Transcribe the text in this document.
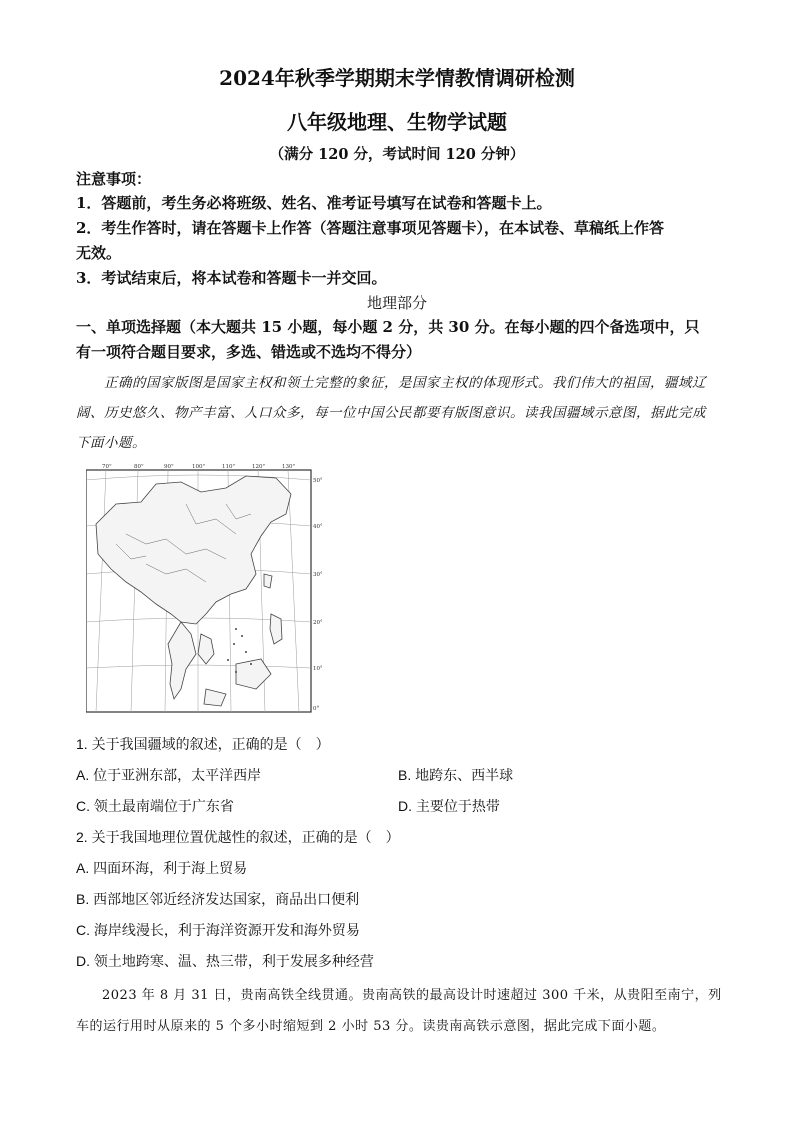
2024年秋季学期期末学情教情调研检测
八年级地理、生物学试题
（满分 120 分，考试时间 120 分钟）
注意事项：
1．答题前，考生务必将班级、姓名、准考证号填写在试卷和答题卡上。
2．考生作答时，请在答题卡上作答（答题注意事项见答题卡），在本试卷、草稿纸上作答
无效。
3．考试结束后，将本试卷和答题卡一并交回。
地理部分
一、单项选择题（本大题共 15 小题，每小题 2 分，共 30 分。在每小题的四个备选项中，只
有一项符合题目要求，多选、错选或不选均不得分）
正确的国家版图是国家主权和领土完整的象征，是国家主权的体现形式。我们伟大的祖国，疆域辽
阔、历史悠久、物产丰富、人口众多，每一位中国公民都要有版图意识。读我国疆域示意图，据此完成
下面小题。
70°	80°	90°	100°	110°	120°	130°
50°
40°
30°
20°
10°
0°
1. 关于我国疆域的叙述，正确的是（　）
A. 位于亚洲东部，太平洋西岸	B. 地跨东、西半球
C. 领土最南端位于广东省	D. 主要位于热带
2. 关于我国地理位置优越性的叙述，正确的是（　）
A. 四面环海，利于海上贸易
B. 西部地区邻近经济发达国家，商品出口便利
C. 海岸线漫长，利于海洋资源开发和海外贸易
D. 领土地跨寒、温、热三带，利于发展多种经营
2023 年 8 月 31 日，贵南高铁全线贯通。贵南高铁的最高设计时速超过 300 千米，从贵阳至南宁，列
车的运行用时从原来的 5 个多小时缩短到 2 小时 53 分。读贵南高铁示意图，据此完成下面小题。
